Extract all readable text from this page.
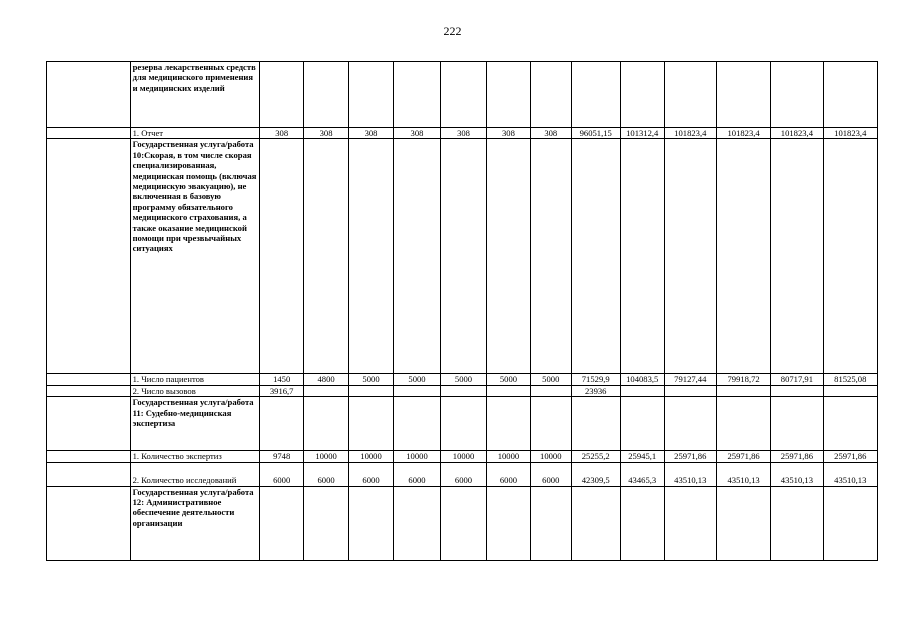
222
	резерва лекарственных средств для медицинского применения и медицинских изделий													
	1. Отчет	308	308	308	308	308	308	308	96051,15	101312,4	101823,4	101823,4	101823,4	101823,4
	Государственная услуга/работа 10:Скорая, в том числе скорая специализированная, медицинская помощь (включая медицинскую эвакуацию), не включенная в базовую программу обязательного медицинского страхования, а также оказание медицинской помощи при чрезвычайных ситуациях													
	1. Число пациентов	1450	4800	5000	5000	5000	5000	5000	71529,9	104083,5	79127,44	79918,72	80717,91	81525,08
	2. Число вызовов	3916,7							23936					
	Государственная услуга/работа 11: Судебно-медицинская экспертиза													
	1. Количество экспертиз	9748	10000	10000	10000	10000	10000	10000	25255,2	25945,1	25971,86	25971,86	25971,86	25971,86
	2. Количество исследований	6000	6000	6000	6000	6000	6000	6000	42309,5	43465,3	43510,13	43510,13	43510,13	43510,13
	Государственная услуга/работа 12: Административное обеспечение деятельности организации													
